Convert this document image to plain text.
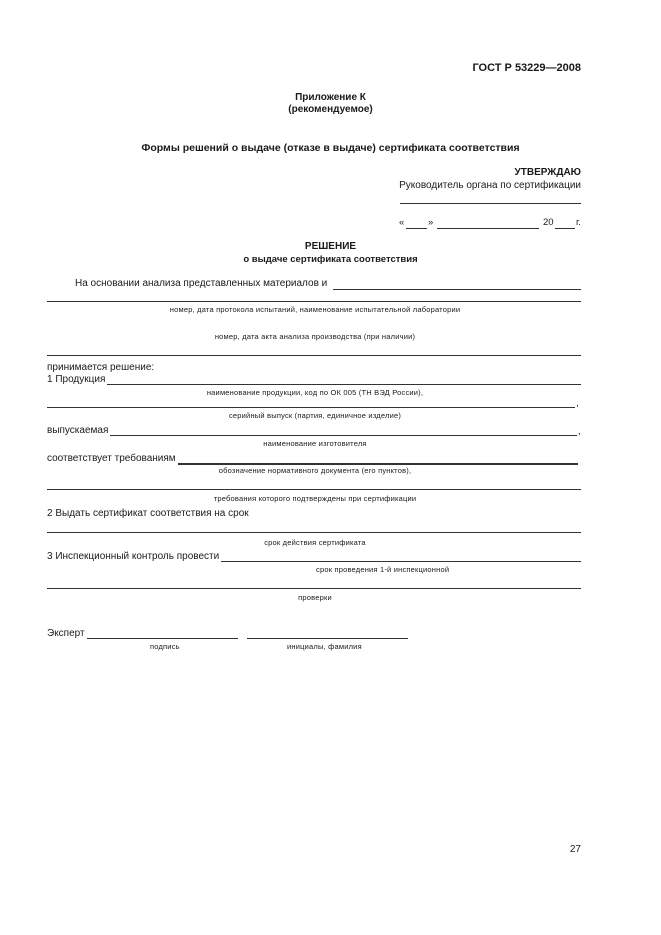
ГОСТ Р 53229—2008
Приложение К
(рекомендуемое)
Формы решений о выдаче (отказе в выдаче) сертификата соответствия
УТВЕРЖДАЮ
Руководитель органа по сертификации
« »	20 г.
РЕШЕНИЕ
о выдаче сертификата соответствия
На основании анализа представленных материалов и
номер, дата протокола испытаний, наименование испытательной лаборатории
номер, дата акта анализа производства (при наличии)
принимается решение:
1 Продукция
наименование продукции, код по ОК 005 (ТН ВЭД России),
,
серийный выпуск (партия, единичное изделие)
выпускаемая	,
наименование изготовителя
соответствует требованиям
обозначение нормативного документа (его пунктов),
требования которого подтверждены при сертификации
2 Выдать сертификат соответствия на срок
срок действия сертификата
3 Инспекционный контроль провести
срок проведения 1-й инспекционной
проверки
Эксперт
подпись	инициалы, фамилия
27
